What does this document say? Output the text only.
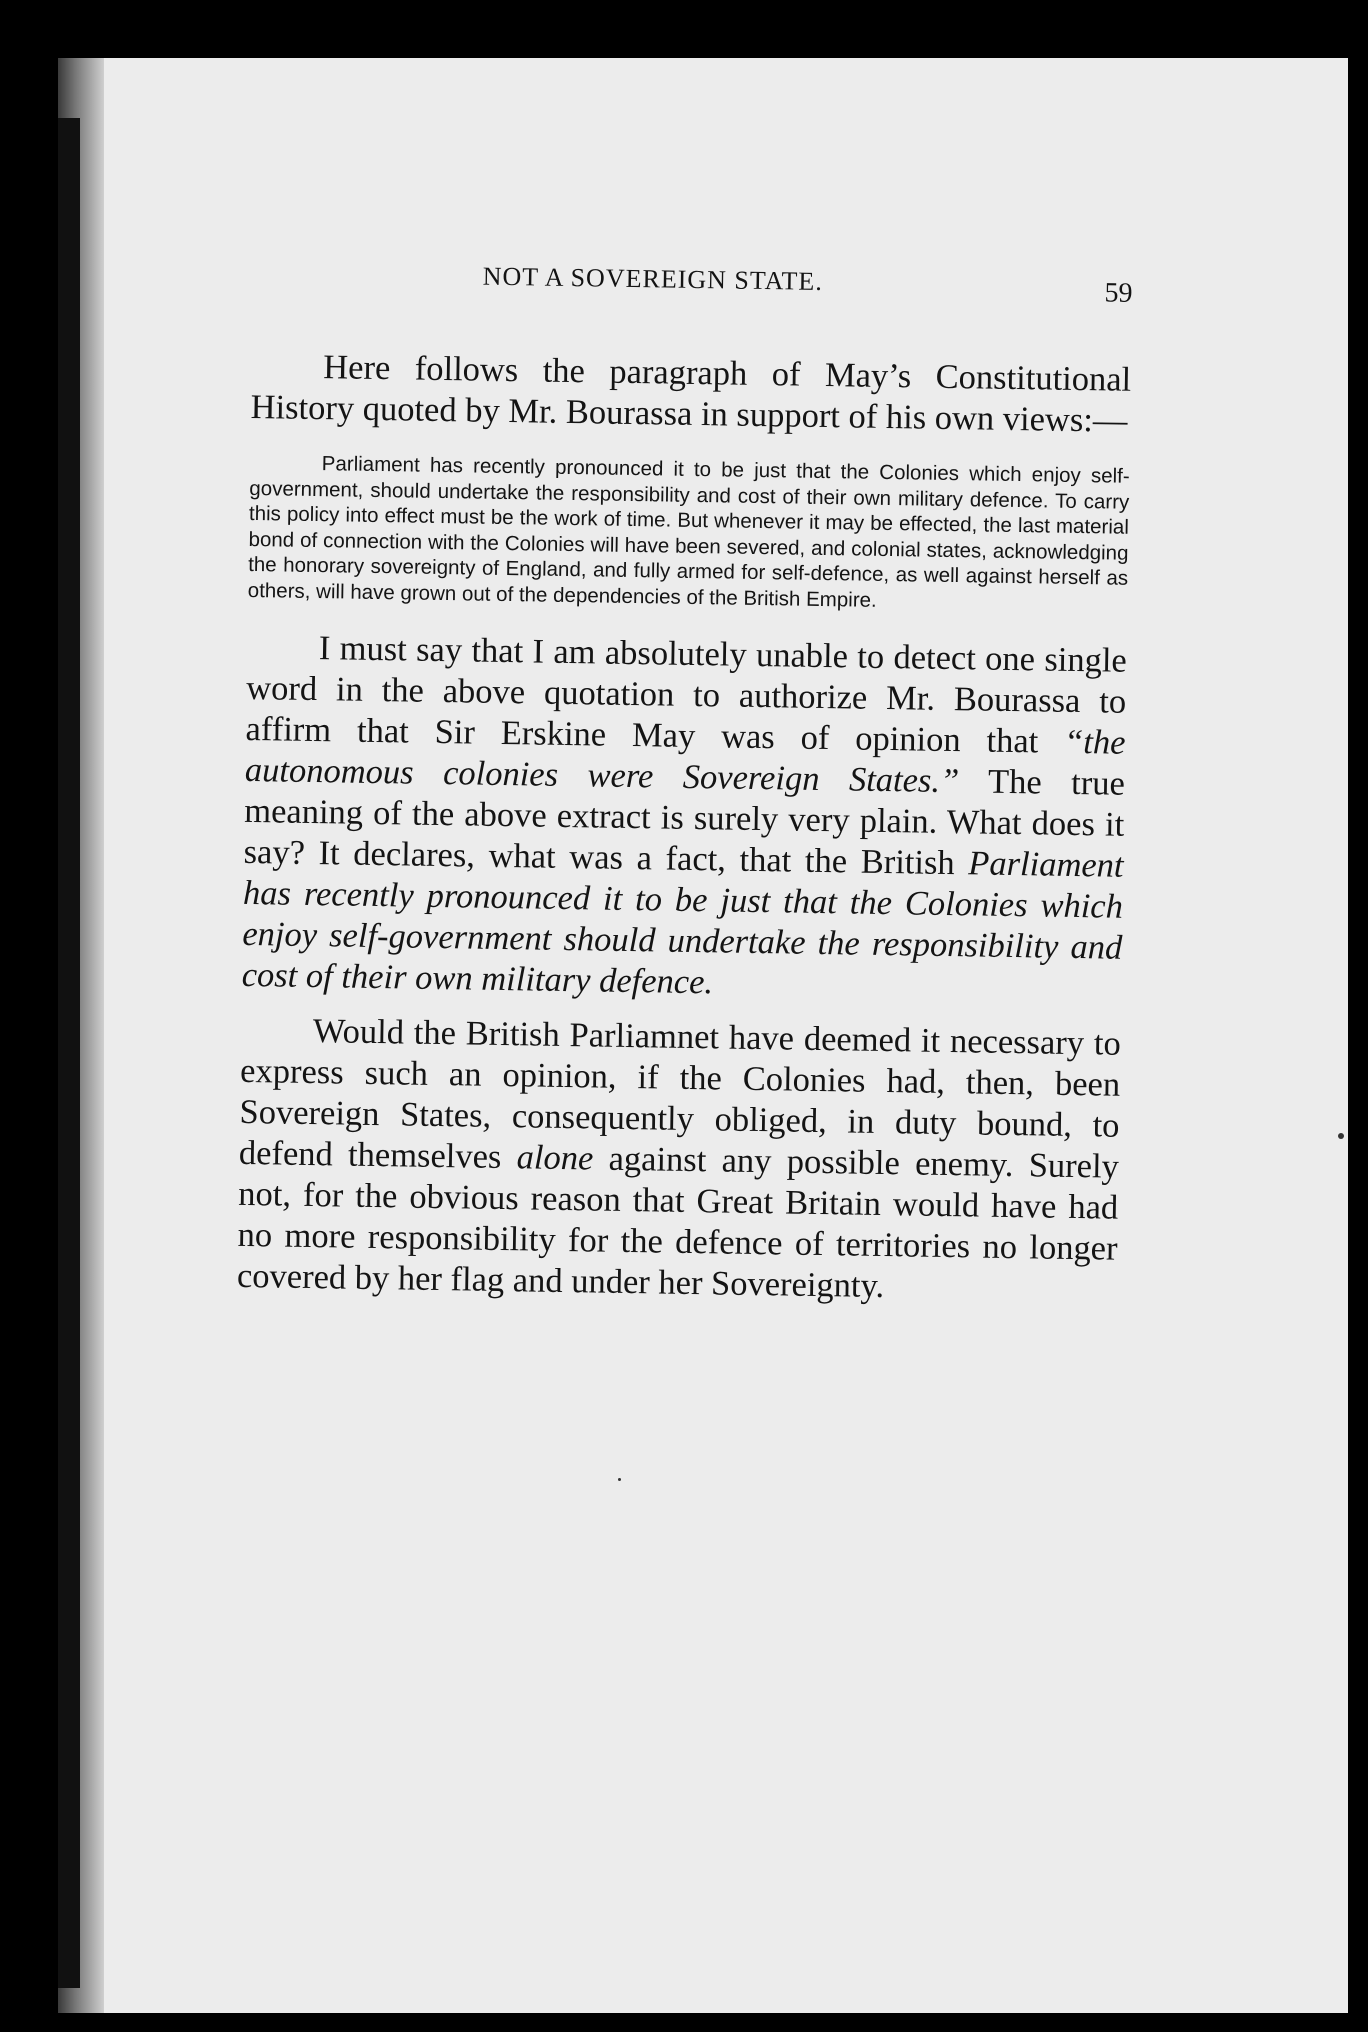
NOT A SOVEREIGN STATE.	59

Here follows the paragraph of May’s Constitutional History quoted by Mr. Bourassa in support of his own views:—

Parliament has recently pronounced it to be just that the Colonies which enjoy self-government, should undertake the responsibility and cost of their own military defence. To carry this policy into effect must be the work of time. But whenever it may be effected, the last material bond of connection with the Colonies will have been severed, and colonial states, acknowledging the honorary sovereignty of England, and fully armed for self-defence, as well against herself as others, will have grown out of the dependencies of the British Empire.

I must say that I am absolutely unable to detect one single word in the above quotation to authorize Mr. Bourassa to affirm that Sir Erskine May was of opinion that “the autonomous colonies were Sovereign States.” The true meaning of the above extract is surely very plain. What does it say? It declares, what was a fact, that the British Parliament has recently pronounced it to be just that the Colonies which enjoy self-government should undertake the responsibility and cost of their own military defence.

Would the British Parliamnet have deemed it necessary to express such an opinion, if the Colonies had, then, been Sovereign States, consequently obliged, in duty bound, to defend themselves alone against any possible enemy. Surely not, for the obvious reason that Great Britain would have had no more responsibility for the defence of territories no longer covered by her flag and under her Sovereignty.
